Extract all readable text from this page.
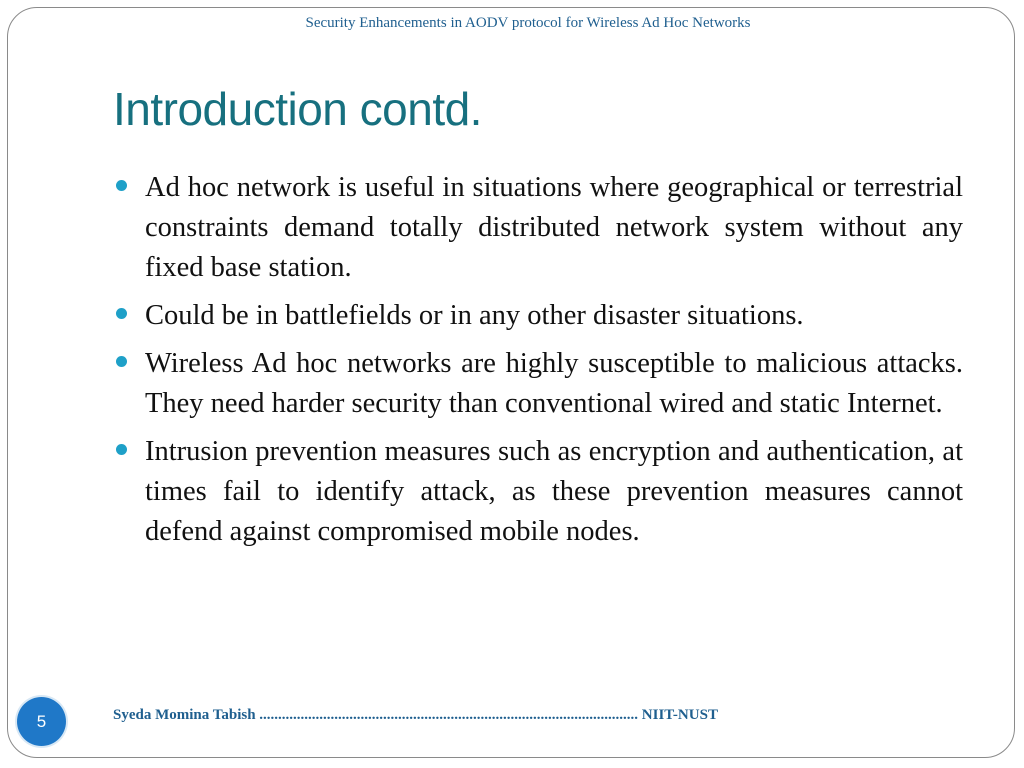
Security Enhancements in AODV protocol for Wireless Ad Hoc Networks
Introduction contd.
Ad hoc network is useful in situations where geographical or terrestrial constraints demand totally distributed network system without any fixed base station.
Could be in battlefields or in any other disaster situations.
Wireless Ad hoc networks are highly susceptible to malicious attacks. They need harder security than conventional wired and static Internet.
Intrusion prevention measures such as encryption and authentication, at times fail to identify attack, as these prevention measures cannot defend against compromised mobile nodes.
5	Syeda Momina Tabish ..................................................................................................... NIIT-NUST
